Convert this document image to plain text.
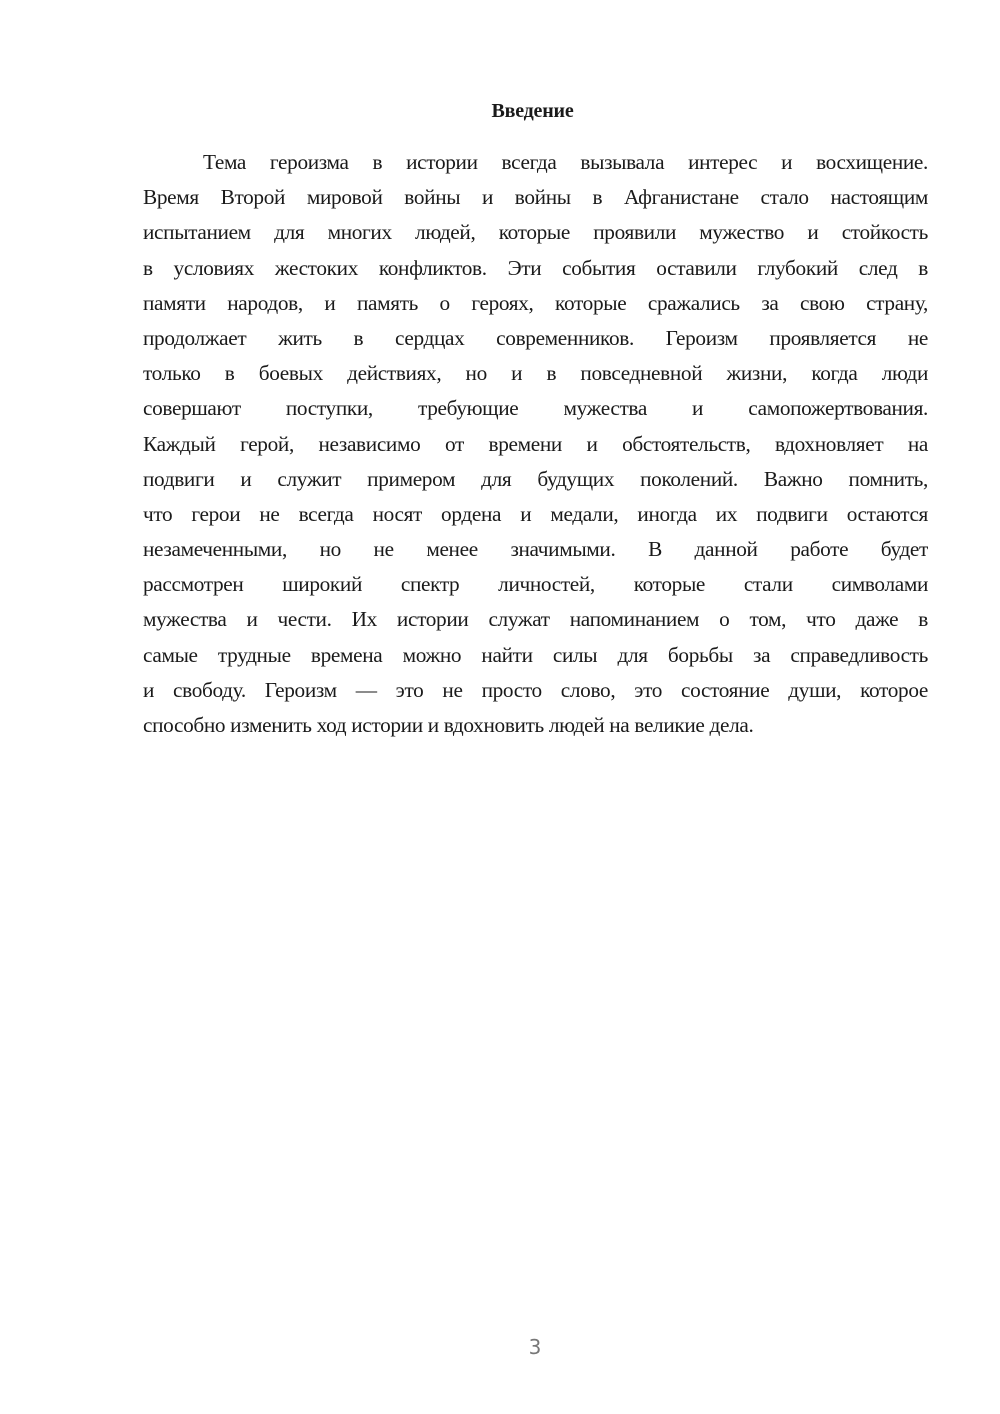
Введение
Тема героизма в истории всегда вызывала интерес и восхищение.
Время Второй мировой войны и войны в Афганистане стало настоящим
испытанием для многих людей, которые проявили мужество и стойкость
в условиях жестоких конфликтов. Эти события оставили глубокий след в
памяти народов, и память о героях, которые сражались за свою страну,
продолжает жить в сердцах современников. Героизм проявляется не
только в боевых действиях, но и в повседневной жизни, когда люди
совершают поступки, требующие мужества и самопожертвования.
Каждый герой, независимо от времени и обстоятельств, вдохновляет на
подвиги и служит примером для будущих поколений. Важно помнить,
что герои не всегда носят ордена и медали, иногда их подвиги остаются
незамеченными, но не менее значимыми. В данной работе будет
рассмотрен широкий спектр личностей, которые стали символами
мужества и чести. Их истории служат напоминанием о том, что даже в
самые трудные времена можно найти силы для борьбы за справедливость
и свободу. Героизм — это не просто слово, это состояние души, которое
способно изменить ход истории и вдохновить людей на великие дела.
3
